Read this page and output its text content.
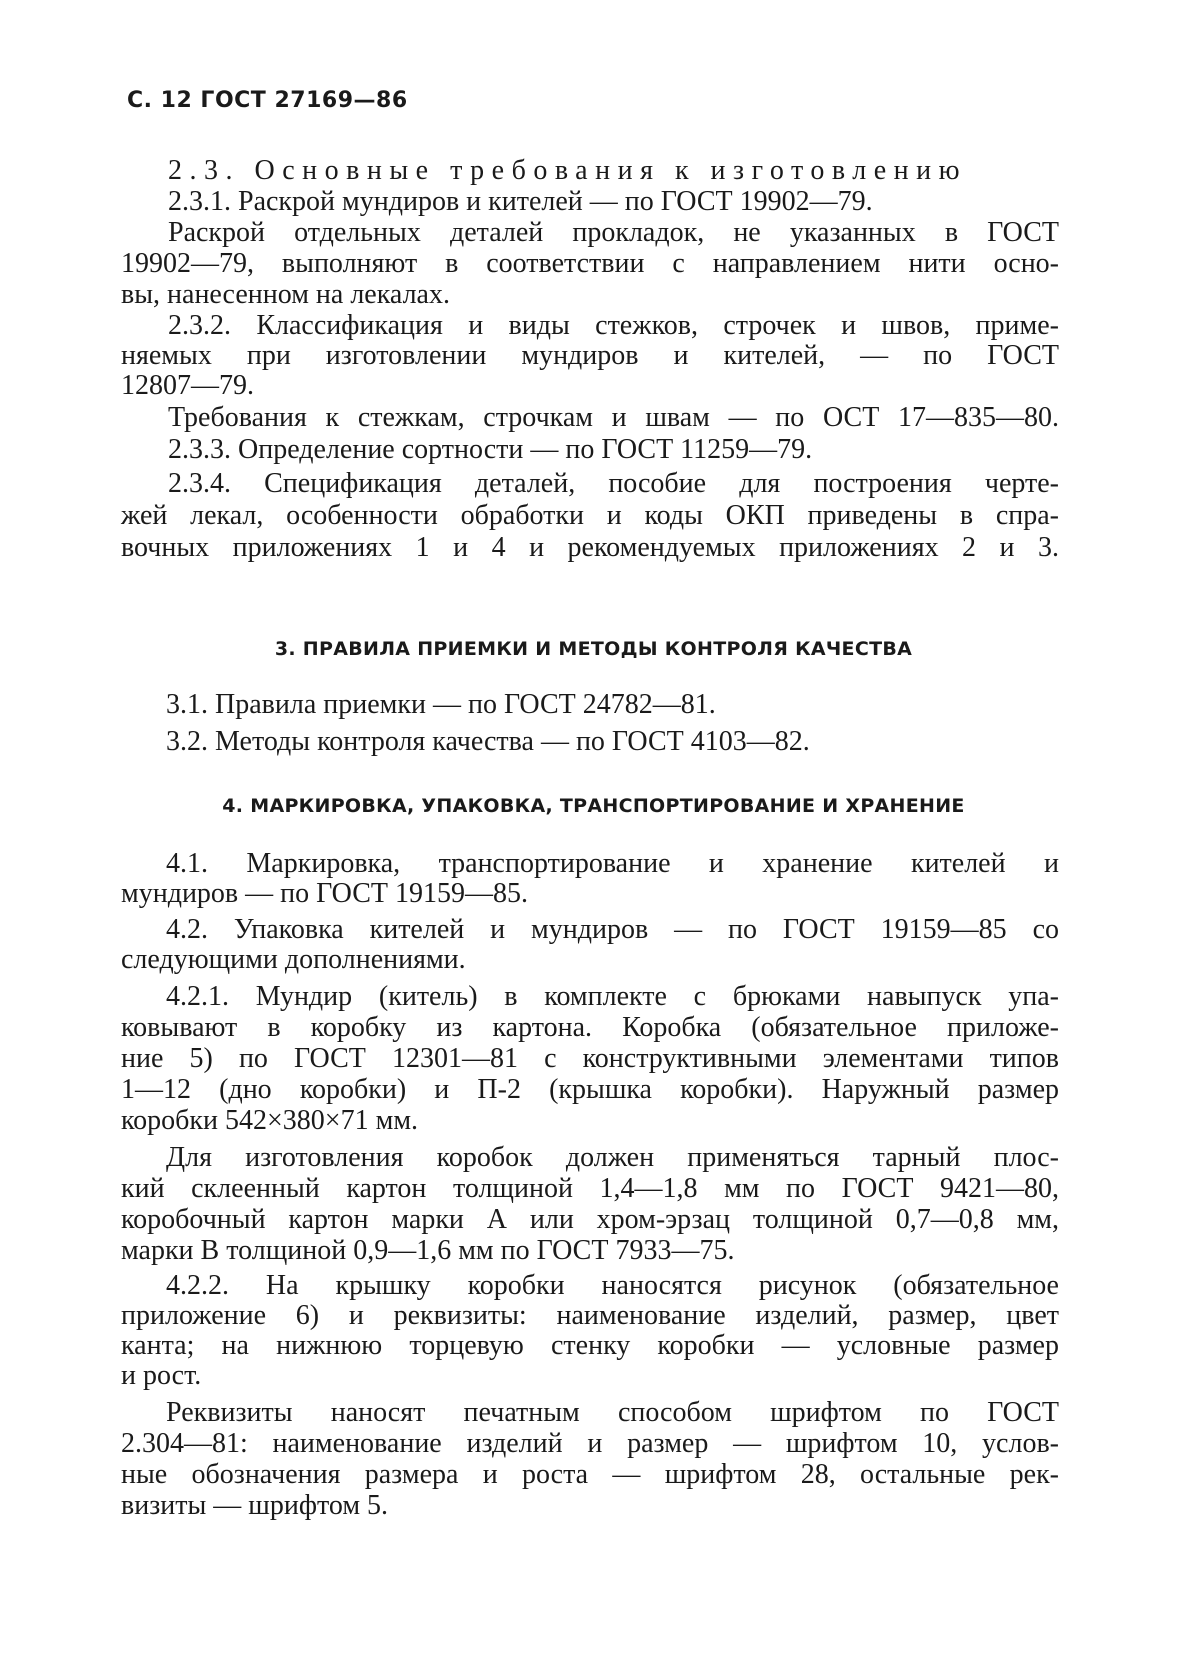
С. 12 ГОСТ 27169—86
2.3. Основные требования к изготовлению
2.3.1. Раскрой мундиров и кителей — по ГОСТ 19902—79.
Раскрой отдельных деталей прокладок, не указанных в ГОСТ
19902—79, выполняют в соответствии с направлением нити осно-
вы, нанесенном на лекалах.
2.3.2. Классификация и виды стежков, строчек и швов, приме-
няемых при изготовлении мундиров и кителей, — по ГОСТ
12807—79.
Требования к стежкам, строчкам и швам — по ОСТ 17—835—80.
2.3.3. Определение сортности — по ГОСТ 11259—79.
2.3.4. Спецификация деталей, пособие для построения черте-
жей лекал, особенности обработки и коды ОКП приведены в спра-
вочных приложениях 1 и 4 и рекомендуемых приложениях 2 и 3.
3. ПРАВИЛА ПРИЕМКИ И МЕТОДЫ КОНТРОЛЯ КАЧЕСТВА
3.1. Правила приемки — по ГОСТ 24782—81.
3.2. Методы контроля качества — по ГОСТ 4103—82.
4. МАРКИРОВКА, УПАКОВКА, ТРАНСПОРТИРОВАНИЕ И ХРАНЕНИЕ
4.1. Маркировка, транспортирование и хранение кителей и
мундиров — по ГОСТ 19159—85.
4.2. Упаковка кителей и мундиров — по ГОСТ 19159—85 со
следующими дополнениями.
4.2.1. Мундир (китель) в комплекте с брюками навыпуск упа-
ковывают в коробку из картона. Коробка (обязательное приложе-
ние 5) по ГОСТ 12301—81 с конструктивными элементами типов
1—12 (дно коробки) и П-2 (крышка коробки). Наружный размер
коробки 542×380×71 мм.
Для изготовления коробок должен применяться тарный плос-
кий склеенный картон толщиной 1,4—1,8 мм по ГОСТ 9421—80,
коробочный картон марки А или хром-эрзац толщиной 0,7—0,8 мм,
марки В толщиной 0,9—1,6 мм по ГОСТ 7933—75.
4.2.2. На крышку коробки наносятся рисунок (обязательное
приложение 6) и реквизиты: наименование изделий, размер, цвет
канта; на нижнюю торцевую стенку коробки — условные размер
и рост.
Реквизиты наносят печатным способом шрифтом по ГОСТ
2.304—81: наименование изделий и размер — шрифтом 10, услов-
ные обозначения размера и роста — шрифтом 28, остальные рек-
визиты — шрифтом 5.
